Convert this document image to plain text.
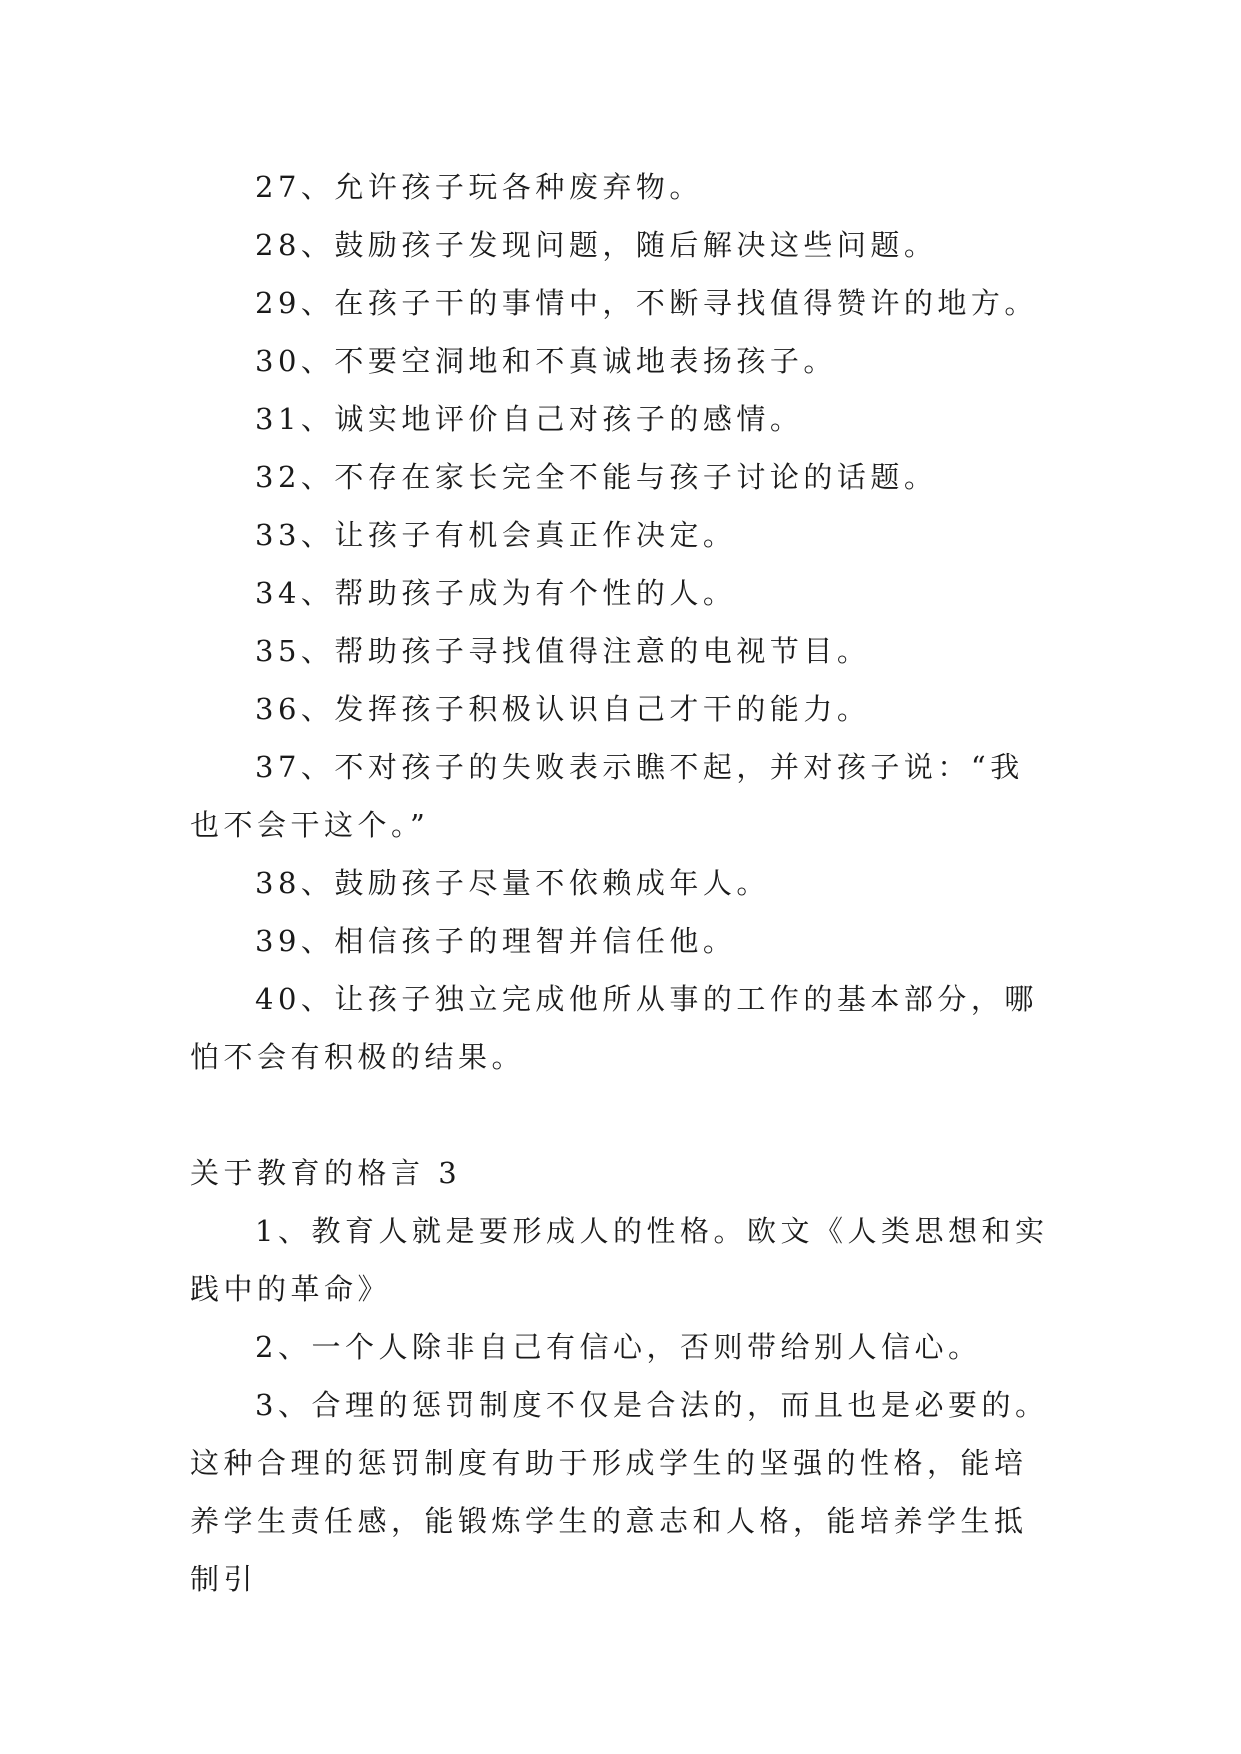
27、允许孩子玩各种废弃物。

28、鼓励孩子发现问题，随后解决这些问题。

29、在孩子干的事情中，不断寻找值得赞许的地方。

30、不要空洞地和不真诚地表扬孩子。

31、诚实地评价自己对孩子的感情。

32、不存在家长完全不能与孩子讨论的话题。

33、让孩子有机会真正作决定。

34、帮助孩子成为有个性的人。

35、帮助孩子寻找值得注意的电视节目。

36、发挥孩子积极认识自己才干的能力。

37、不对孩子的失败表示瞧不起，并对孩子说：“我也不会干这个。”

38、鼓励孩子尽量不依赖成年人。

39、相信孩子的理智并信任他。

40、让孩子独立完成他所从事的工作的基本部分，哪怕不会有积极的结果。

关于教育的格言 3

1、教育人就是要形成人的性格。欧文《人类思想和实践中的革命》

2、一个人除非自己有信心，否则带给别人信心。

3、合理的惩罚制度不仅是合法的，而且也是必要的。这种合理的惩罚制度有助于形成学生的坚强的性格，能培养学生责任感，能锻炼学生的意志和人格，能培养学生抵制引
